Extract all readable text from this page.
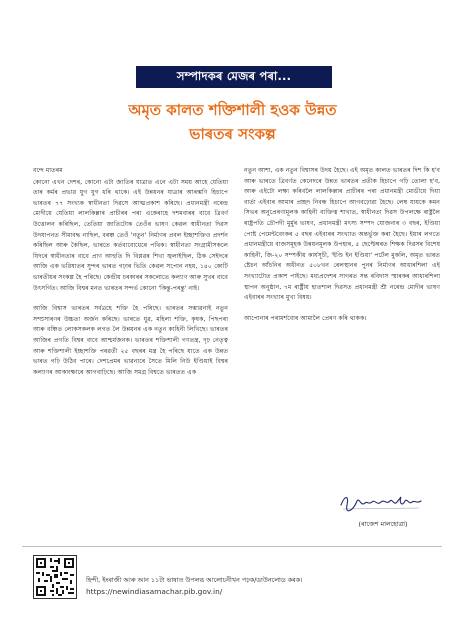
সম্পাদকৰ মেজৰ পৰা...
অমৃত কালত শক্তিশালী হওক উন্নত
ভাৰতৰ সংকল্প

বন্দে মাতৰম

কোনো এখন দেশৰ, কোনো এটা জাতিৰ যাত্ৰাত এনে এটা সময় আহে যেতিয়া তাৰ কৰ্মৰ প্ৰভাৱ যুগ যুগ ধৰি থাকে। এই উন্নয়নৰ যাত্ৰাৰ আৰম্ভণি হিচাপে ভাৰতৰ ৭৭ সংখ্যক স্বাধীনতা দিৱসে আত্মপ্ৰকাশ কৰিছে। প্ৰধানমন্ত্ৰী নৰেন্দ্ৰ মোদীয়ে যেতিয়া লালকিল্লাৰ প্ৰাচীৰৰ পৰা একেৰাহে দশমবাৰৰ বাবে ত্ৰিবৰ্ণ উত্তোলন কৰিছিল, তেতিয়া জাতিটোক তেওঁৰ ভাষণ কেৱল স্বাধীনতা দিৱস উদযাপনত সীমাবদ্ধ নাছিল, বৰঞ্চ তেওঁ 'নতুন' নিৰ্মাণৰ প্ৰবল ইচ্ছাশক্তিও প্ৰদৰ্শন কৰিছিল আৰু কৈছিল, ভাৰতে কৰ্তব্যবোধেৰে পথিক। স্বাধীনতা সংগ্ৰামীসকলে যিদৰে স্বাধীনতাৰ বাবে প্ৰাণ আহুতি দি বিপ্লৱৰ শিখা জ্বলাইছিল, ঠিক সেইদৰে আজি এক ভৱিষ্যতৰ সুন্দৰ ভাৰত গঢ়াৰ ভিতি কেৱল সপোন নহয়, ১৪০ কোটি ভাৰতীয়ৰ সংকল্প হৈ পৰিছে। কেন্দ্ৰীয় চৰকাৰৰ সকলোতে কল্যাণ আৰু সুখৰ বাবে উৎসৰ্গিত। আজি বিশ্বৰ মনত ভাৰতৰ সন্দৰ্ভ কোনো 'কিন্তু-পৰন্তু' নাই।

আজি বিশ্বাস ভাৰতৰ সৰ্বত্ৰহে শক্তি হৈ পৰিছে। ভাৰতৰ সম্ভাৱনাই নতুন সম্প্ৰসাৰণৰ উচ্চতা অৰ্জন কৰিছে। ভাৰতে যুৱ, মহিলা শক্তি, কৃষক, পিছপৰা আৰু বঞ্চিত লোকসকলক লগত লৈ উন্নয়নৰ এক নতুন কাহিনী লিখিছে। ভাৰতৰ আজিৰ প্ৰগতি বিশ্বৰ বাবে আশ্চৰ্যজনক। ভাৰতৰ শক্তিশালী গণতন্ত্ৰ, দৃঢ় নেতৃত্ব আৰু শক্তিশালী ইচ্ছাশক্তি পৰৱৰ্তী ২৫ বছৰৰ মন্ত্ৰ হৈ পৰিছে যাতে এক উন্নত ভাৰত গঢ়ি উঠিব পাৰে। দেশপ্ৰেমৰ ভাৱনাৰে সৈতে মিলি নিউ ইণ্ডিয়াই বিশ্বৰ কল্যাণৰ আকাংক্ষাৰে আগবাঢ়িছে। আজি সমগ্ৰ বিশ্বতে ভাৰতত এক

নতুন আশা, এক নতুন বিশ্বাসৰ উদয় হৈছে। এই অমৃত কালত ভাৰতৰ দিশ কি হ'ব আৰু ভাৰতে ত্ৰিবৰ্ণত কেনেদৰে উন্নত ভাৰতৰ প্ৰতীক হিচাপে গঢ়ি তোলা হ'ব, আৰু এইটো লক্ষ্য কৰিবলৈ লালকিল্লাৰ প্ৰাচীৰৰ পৰা প্ৰধানমন্ত্ৰী মোডীয়ে দিয়া বাৰ্তা এইবাৰ আমাৰ প্ৰচ্ছদ নিবন্ধ হিচাপে আগবঢ়োৱা হৈছে। লেম্ব যায়কে কমন সিভৰ অনুপ্ৰেৰণামূলক কাহিনী ব্যক্তিত্ব শাখাত, স্বাধীনতা দিৱস উপলক্ষে ৰাষ্ট্ৰলৈ ৰাষ্ট্ৰপতি দ্ৰৌপদী মুৰ্মুৰ ভাষণ, প্ৰধানমন্ত্ৰী মৎস্য সম্পদ যোজনাৰ ৩ বছৰ, ইণ্ডিয়া পোষ্ট পেমেন্টবেংকৰ ৫ বছৰ এইবাৰৰ সংখ্যাত অন্তৰ্ভুক্ত কৰা হৈছে। ইয়াৰ লগতে প্ৰধানমন্ত্ৰীয়ে বাজসমূহক উন্নয়নমূলক উপহাৰ, ৫ ছেপ্টেম্বৰত শিক্ষক দিৱসৰ বিশেষ কাহিনী, জি-২০ সম্পৰ্কীয় কাৰ্যসূচী, 'ইণ্ডি ইন ইণ্ডিয়া' পৰ্টেল মুকলি, অমৃত ভাৰত ষ্টেচন আঁচনিৰ অধীনত ৫০৮খন ৰেলস্থানৰ পুনৰ নিৰ্মাণৰ আধাৰশিলা এই সংখ্যাটোত প্ৰকাশ পাইছে। মধ্যপ্ৰদেশৰ সাগৰত সন্ত ৰবিদাস স্মাৰকৰ আধাৰশিলা স্থাপন অনুষ্ঠান, ৭ম ৰাষ্ট্ৰীয় হাতশাল দিৱসত প্ৰধানমন্ত্ৰী শ্ৰী নৰেন্দ্ৰ মোদীৰ ভাষণ এইবাৰৰ সংখ্যাৰ মুখ্য বিষয়।

আপোনাৰ পৰামৰ্শবোৰ আমালৈ প্ৰেৰণ কৰি থাকক।

(ৰাজেশ মালহোত্ৰা)
হিন্দী, ইংৰাজী আৰু আন ১১টা ভাষাত উপলব্ধ আলোচনীখন পঢ়ক/ডাউনলোড কৰক।
https://newindiasamachar.pib.gov.in/
